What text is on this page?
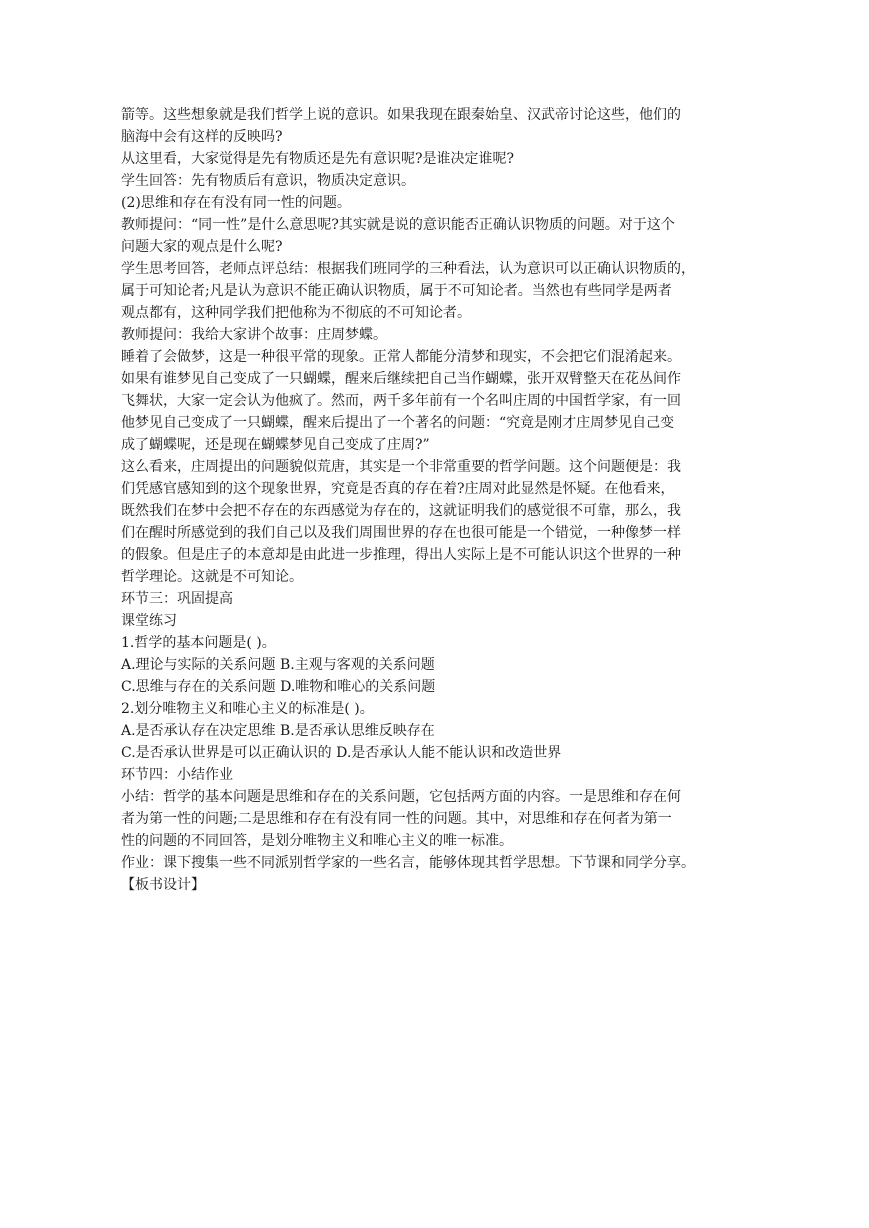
箭等。这些想象就是我们哲学上说的意识。如果我现在跟秦始皇、汉武帝讨论这些，他们的
脑海中会有这样的反映吗?
从这里看，大家觉得是先有物质还是先有意识呢?是谁决定谁呢?
学生回答：先有物质后有意识，物质决定意识。
(2)思维和存在有没有同一性的问题。
教师提问：“同一性”是什么意思呢?其实就是说的意识能否正确认识物质的问题。对于这个
问题大家的观点是什么呢?
学生思考回答，老师点评总结：根据我们班同学的三种看法，认为意识可以正确认识物质的，
属于可知论者;凡是认为意识不能正确认识物质，属于不可知论者。当然也有些同学是两者
观点都有，这种同学我们把他称为不彻底的不可知论者。
教师提问：我给大家讲个故事：庄周梦蝶。
睡着了会做梦，这是一种很平常的现象。正常人都能分清梦和现实，不会把它们混淆起来。
如果有谁梦见自己变成了一只蝴蝶，醒来后继续把自己当作蝴蝶，张开双臂整天在花丛间作
飞舞状，大家一定会认为他疯了。然而，两千多年前有一个名叫庄周的中国哲学家，有一回
他梦见自己变成了一只蝴蝶，醒来后提出了一个著名的问题：“究竟是刚才庄周梦见自己变
成了蝴蝶呢，还是现在蝴蝶梦见自己变成了庄周?”
这么看来，庄周提出的问题貌似荒唐，其实是一个非常重要的哲学问题。这个问题便是：我
们凭感官感知到的这个现象世界，究竟是否真的存在着?庄周对此显然是怀疑。在他看来，
既然我们在梦中会把不存在的东西感觉为存在的，这就证明我们的感觉很不可靠，那么，我
们在醒时所感觉到的我们自己以及我们周围世界的存在也很可能是一个错觉，一种像梦一样
的假象。但是庄子的本意却是由此进一步推理，得出人实际上是不可能认识这个世界的一种
哲学理论。这就是不可知论。
环节三：巩固提高
课堂练习
1.哲学的基本问题是( )。
A.理论与实际的关系问题 B.主观与客观的关系问题
C.思维与存在的关系问题 D.唯物和唯心的关系问题
2.划分唯物主义和唯心主义的标准是( )。
A.是否承认存在决定思维 B.是否承认思维反映存在
C.是否承认世界是可以正确认识的 D.是否承认人能不能认识和改造世界
环节四：小结作业
小结：哲学的基本问题是思维和存在的关系问题，它包括两方面的内容。一是思维和存在何
者为第一性的问题;二是思维和存在有没有同一性的问题。其中，对思维和存在何者为第一
性的问题的不同回答，是划分唯物主义和唯心主义的唯一标准。
作业：课下搜集一些不同派别哲学家的一些名言，能够体现其哲学思想。下节课和同学分享。
【板书设计】
